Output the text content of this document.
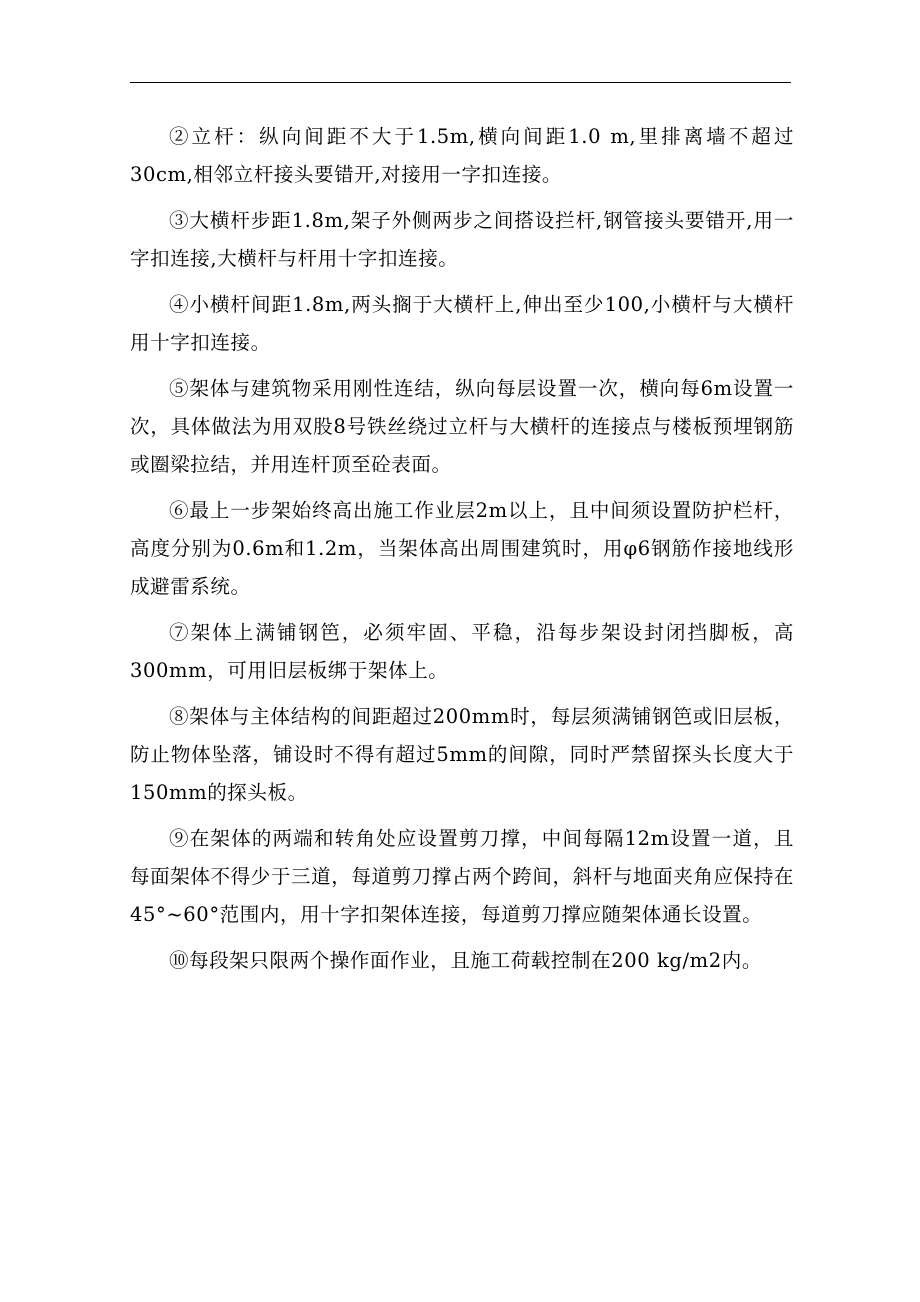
②立杆：纵向间距不大于1.5m,横向间距1.0 m,里排离墙不超过30cm,相邻立杆接头要错开,对接用一字扣连接。

③大横杆步距1.8m,架子外侧两步之间搭设拦杆,钢管接头要错开,用一字扣连接,大横杆与杆用十字扣连接。

④小横杆间距1.8m,两头搁于大横杆上,伸出至少100,小横杆与大横杆用十字扣连接。

⑤架体与建筑物采用刚性连结，纵向每层设置一次，横向每6m设置一次，具体做法为用双股8号铁丝绕过立杆与大横杆的连接点与楼板预埋钢筋或圈梁拉结，并用连杆顶至砼表面。

⑥最上一步架始终高出施工作业层2m以上，且中间须设置防护栏杆，高度分别为0.6m和1.2m，当架体高出周围建筑时，用φ6钢筋作接地线形成避雷系统。

⑦架体上满铺钢笆，必须牢固、平稳，沿每步架设封闭挡脚板，高300mm，可用旧层板绑于架体上。

⑧架体与主体结构的间距超过200mm时，每层须满铺钢笆或旧层板，防止物体坠落，铺设时不得有超过5mm的间隙，同时严禁留探头长度大于150mm的探头板。

⑨在架体的两端和转角处应设置剪刀撑，中间每隔12m设置一道，且每面架体不得少于三道，每道剪刀撑占两个跨间，斜杆与地面夹角应保持在45°~60°范围内，用十字扣架体连接，每道剪刀撑应随架体通长设置。

⑩每段架只限两个操作面作业，且施工荷载控制在200 kg/m2内。
